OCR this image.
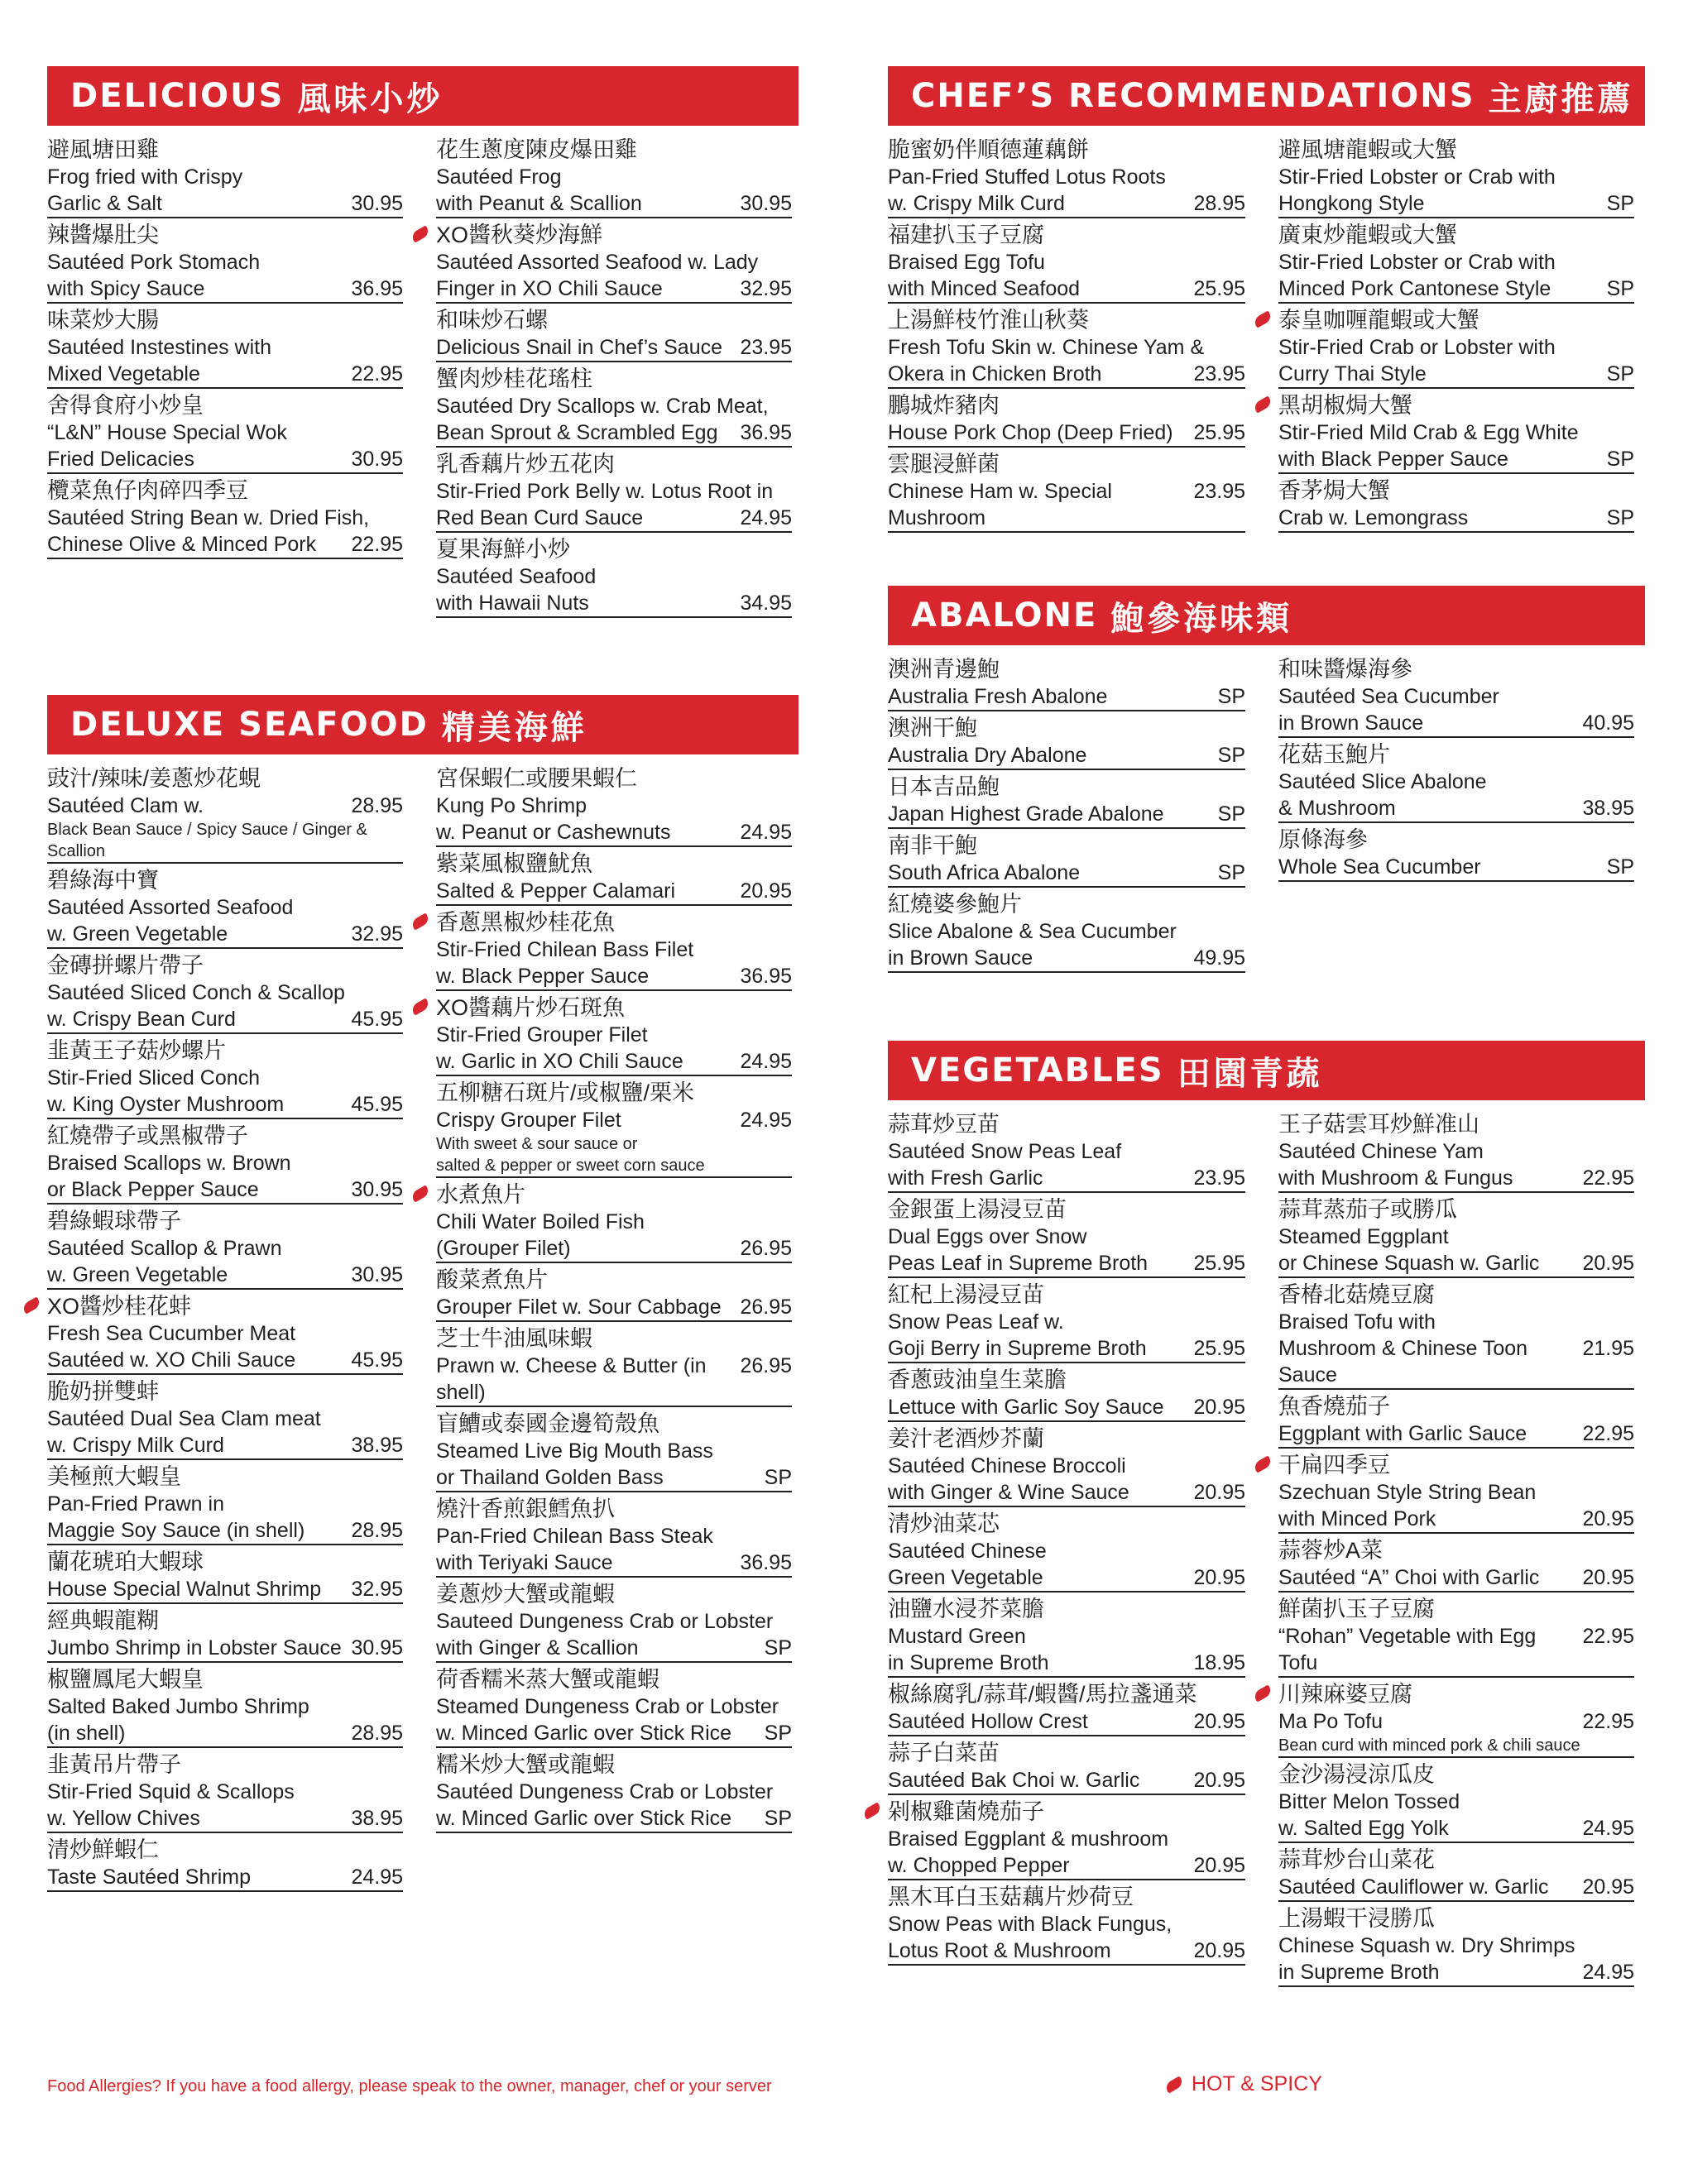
DELICIOUS 風味小炒
避風塘田雞
Frog fried with Crispy
Garlic & Salt	30.95
辣醬爆肚尖
Sautéed Pork Stomach
with Spicy Sauce	36.95
味菜炒大腸
Sautéed Instestines with
Mixed Vegetable	22.95
舍得食府小炒皇
“L&N” House Special Wok
Fried Delicacies	30.95
欖菜魚仔肉碎四季豆
Sautéed String Bean w. Dried Fish,
Chinese Olive & Minced Pork	22.95
花生蔥度陳皮爆田雞
Sautéed Frog
with Peanut & Scallion	30.95
XO醬秋葵炒海鮮
Sautéed Assorted Seafood w. Lady
Finger in XO Chili Sauce	32.95
和味炒石螺
Delicious Snail in Chef’s Sauce 23.95
蟹肉炒桂花瑤柱
Sautéed Dry Scallops w. Crab Meat,
Bean Sprout & Scrambled Egg	36.95
乳香藕片炒五花肉
Stir-Fried Pork Belly w. Lotus Root in
Red Bean Curd Sauce	24.95
夏果海鮮小炒
Sautéed Seafood
with Hawaii Nuts	34.95
DELUXE SEAFOOD 精美海鮮
豉汁/辣味/姜蔥炒花蜆
Sautéed Clam w.	28.95
Black Bean Sauce / Spicy Sauce / Ginger & Scallion
碧綠海中寶
Sautéed Assorted Seafood
w. Green Vegetable	32.95
金磚拼螺片帶子
Sautéed Sliced Conch & Scallop
w. Crispy Bean Curd	45.95
韭黃王子菇炒螺片
Stir-Fried Sliced Conch
w. King Oyster Mushroom	45.95
紅燒帶子或黑椒帶子
Braised Scallops w. Brown
or Black Pepper Sauce	30.95
碧綠蝦球帶子
Sautéed Scallop & Prawn
w. Green Vegetable	30.95
XO醬炒桂花蚌
Fresh Sea Cucumber Meat
Sautéed w. XO Chili Sauce	45.95
脆奶拼雙蚌
Sautéed Dual Sea Clam meat
w. Crispy Milk Curd	38.95
美極煎大蝦皇
Pan-Fried Prawn in
Maggie Soy Sauce (in shell)	28.95
蘭花琥珀大蝦球
House Special Walnut Shrimp	32.95
經典蝦龍糊
Jumbo Shrimp in Lobster Sauce 30.95
椒鹽鳳尾大蝦皇
Salted Baked Jumbo Shrimp
(in shell)	28.95
韭黃吊片帶子
Stir-Fried Squid & Scallops
w. Yellow Chives	38.95
清炒鮮蝦仁
Taste Sautéed Shrimp	24.95
宮保蝦仁或腰果蝦仁
Kung Po Shrimp
w. Peanut or Cashewnuts	24.95
紫菜風椒鹽魷魚
Salted & Pepper Calamari	20.95
香蔥黑椒炒桂花魚
Stir-Fried Chilean Bass Filet
w. Black Pepper Sauce	36.95
XO醬藕片炒石斑魚
Stir-Fried Grouper Filet
w. Garlic in XO Chili Sauce	24.95
五柳糖石斑片/或椒鹽/栗米
Crispy Grouper Filet	24.95
With sweet & sour sauce or
salted & pepper or sweet corn sauce
水煮魚片
Chili Water Boiled Fish
(Grouper Filet)	26.95
酸菜煮魚片
Grouper Filet w. Sour Cabbage 26.95
芝士牛油風味蝦
Prawn w. Cheese & Butter (in shell)
26.95
盲鰽或泰國金邊筍殼魚
Steamed Live Big Mouth Bass
or Thailand Golden Bass	SP
燒汁香煎銀鱈魚扒
Pan-Fried Chilean Bass Steak
with Teriyaki Sauce	36.95
姜蔥炒大蟹或龍蝦
Sauteed Dungeness Crab or Lobster
with Ginger & Scallion	SP
荷香糯米蒸大蟹或龍蝦
Steamed Dungeness Crab or Lobster
w. Minced Garlic over Stick Rice	SP
糯米炒大蟹或龍蝦
Sautéed Dungeness Crab or Lobster
w. Minced Garlic over Stick Rice	SP
CHEF’S RECOMMENDATIONS 主廚推薦
脆蜜奶伴順德蓮藕餅
Pan-Fried Stuffed Lotus Roots
w. Crispy Milk Curd	28.95
福建扒玉子豆腐
Braised Egg Tofu
with Minced Seafood	25.95
上湯鮮枝竹淮山秋葵
Fresh Tofu Skin w. Chinese Yam &
Okera in Chicken Broth	23.95
鵬城炸豬肉
House Pork Chop (Deep Fried) 25.95
雲腿浸鮮菌
Chinese Ham w. Special Mushroom
23.95
避風塘龍蝦或大蟹
Stir-Fried Lobster or Crab with
Hongkong Style	SP
廣東炒龍蝦或大蟹
Stir-Fried Lobster or Crab with
Minced Pork Cantonese Style	SP
泰皇咖喱龍蝦或大蟹
Stir-Fried Crab or Lobster with
Curry Thai Style	SP
黑胡椒焗大蟹
Stir-Fried Mild Crab & Egg White
with Black Pepper Sauce	SP
香茅焗大蟹
Crab w. Lemongrass	SP
ABALONE 鮑參海味類
澳洲青邊鮑
Australia Fresh Abalone	SP
澳洲干鮑
Australia Dry Abalone	SP
日本吉品鮑
Japan Highest Grade Abalone	SP
南非干鮑
South Africa Abalone	SP
紅燒婆參鮑片
Slice Abalone & Sea Cucumber
in Brown Sauce	49.95
和味醬爆海參
Sautéed Sea Cucumber
in Brown Sauce	40.95
花菇玉鮑片
Sautéed Slice Abalone
& Mushroom	38.95
原條海參
Whole Sea Cucumber	SP
VEGETABLES 田園青蔬
蒜茸炒豆苗
Sautéed Snow Peas Leaf
with Fresh Garlic	23.95
金銀蛋上湯浸豆苗
Dual Eggs over Snow
Peas Leaf in Supreme Broth	25.95
紅杞上湯浸豆苗
Snow Peas Leaf w.
Goji Berry in Supreme Broth	25.95
香蔥豉油皇生菜膽
Lettuce with Garlic Soy Sauce	20.95
姜汁老酒炒芥蘭
Sautéed Chinese Broccoli
with Ginger & Wine Sauce	20.95
清炒油菜芯
Sautéed Chinese
Green Vegetable	20.95
油鹽水浸芥菜膽
Mustard Green
in Supreme Broth	18.95
椒絲腐乳/蒜茸/蝦醬/馬拉盞通菜
Sautéed Hollow Crest	20.95
蒜子白菜苗
Sautéed Bak Choi w. Garlic	20.95
剁椒雞菌燒茄子
Braised Eggplant & mushroom
w. Chopped Pepper	20.95
黑木耳白玉菇藕片炒荷豆
Snow Peas with Black Fungus,
Lotus Root & Mushroom	20.95
王子菇雲耳炒鮮准山
Sautéed Chinese Yam
with Mushroom & Fungus	22.95
蒜茸蒸茄子或勝瓜
Steamed Eggplant
or Chinese Squash w. Garlic	20.95
香椿北菇燒豆腐
Braised Tofu with
Mushroom & Chinese Toon Sauce
21.95
魚香燒茄子
Eggplant with Garlic Sauce	22.95
干扁四季豆
Szechuan Style String Bean
with Minced Pork	20.95
蒜蓉炒A菜
Sautéed “A” Choi with Garlic	20.95
鮮菌扒玉子豆腐
“Rohan” Vegetable with Egg Tofu
22.95
川辣麻婆豆腐
Ma Po Tofu	22.95
Bean curd with minced pork & chili sauce
金沙湯浸涼瓜皮
Bitter Melon Tossed
w. Salted Egg Yolk	24.95
蒜茸炒台山菜花
Sautéed Cauliflower w. Garlic	20.95
上湯蝦干浸勝瓜
Chinese Squash w. Dry Shrimps
in Supreme Broth	24.95
Food Allergies? If you have a food allergy, please speak to the owner, manager, chef or your server	HOT & SPICY
